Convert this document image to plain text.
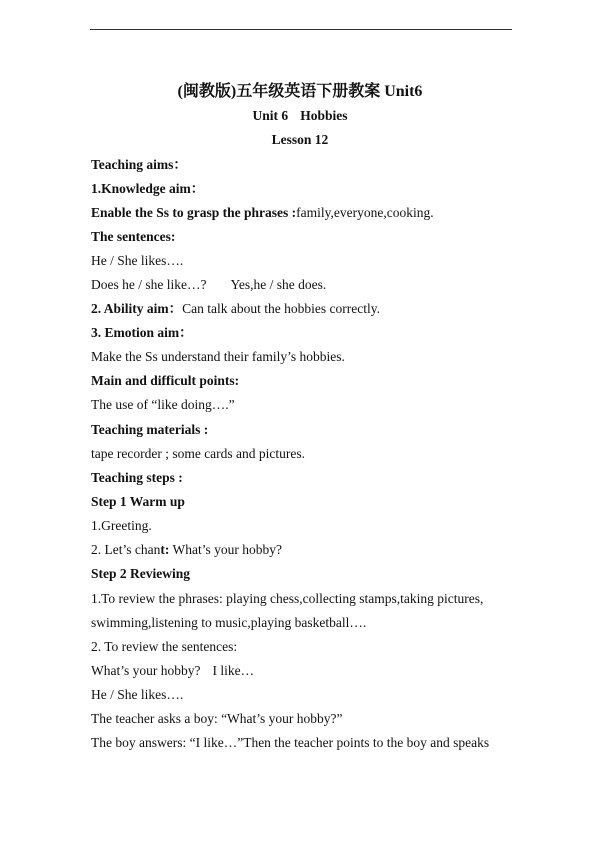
(闽教版)五年级英语下册教案 Unit6
Unit 6 Hobbies
Lesson 12
Teaching aims：
1.Knowledge aim：
Enable the Ss to grasp the phrases :family,everyone,cooking.
The sentences:
He / She likes….
Does he / she like…? Yes,he / she does.
2. Ability aim：Can talk about the hobbies correctly.
3. Emotion aim：
Make the Ss understand their family’s hobbies.
Main and difficult points:
The use of “like doing….”
Teaching materials :
tape recorder ; some cards and pictures.
Teaching steps :
Step 1 Warm up
1.Greeting.
2. Let’s chant: What’s your hobby?
Step 2 Reviewing
1.To review the phrases: playing chess,collecting stamps,taking pictures,
swimming,listening to music,playing basketball….
2. To review the sentences:
What’s your hobby? I like…
He / She likes….
The teacher asks a boy: “What’s your hobby?”
The boy answers: “I like…”Then the teacher points to the boy and speaks
